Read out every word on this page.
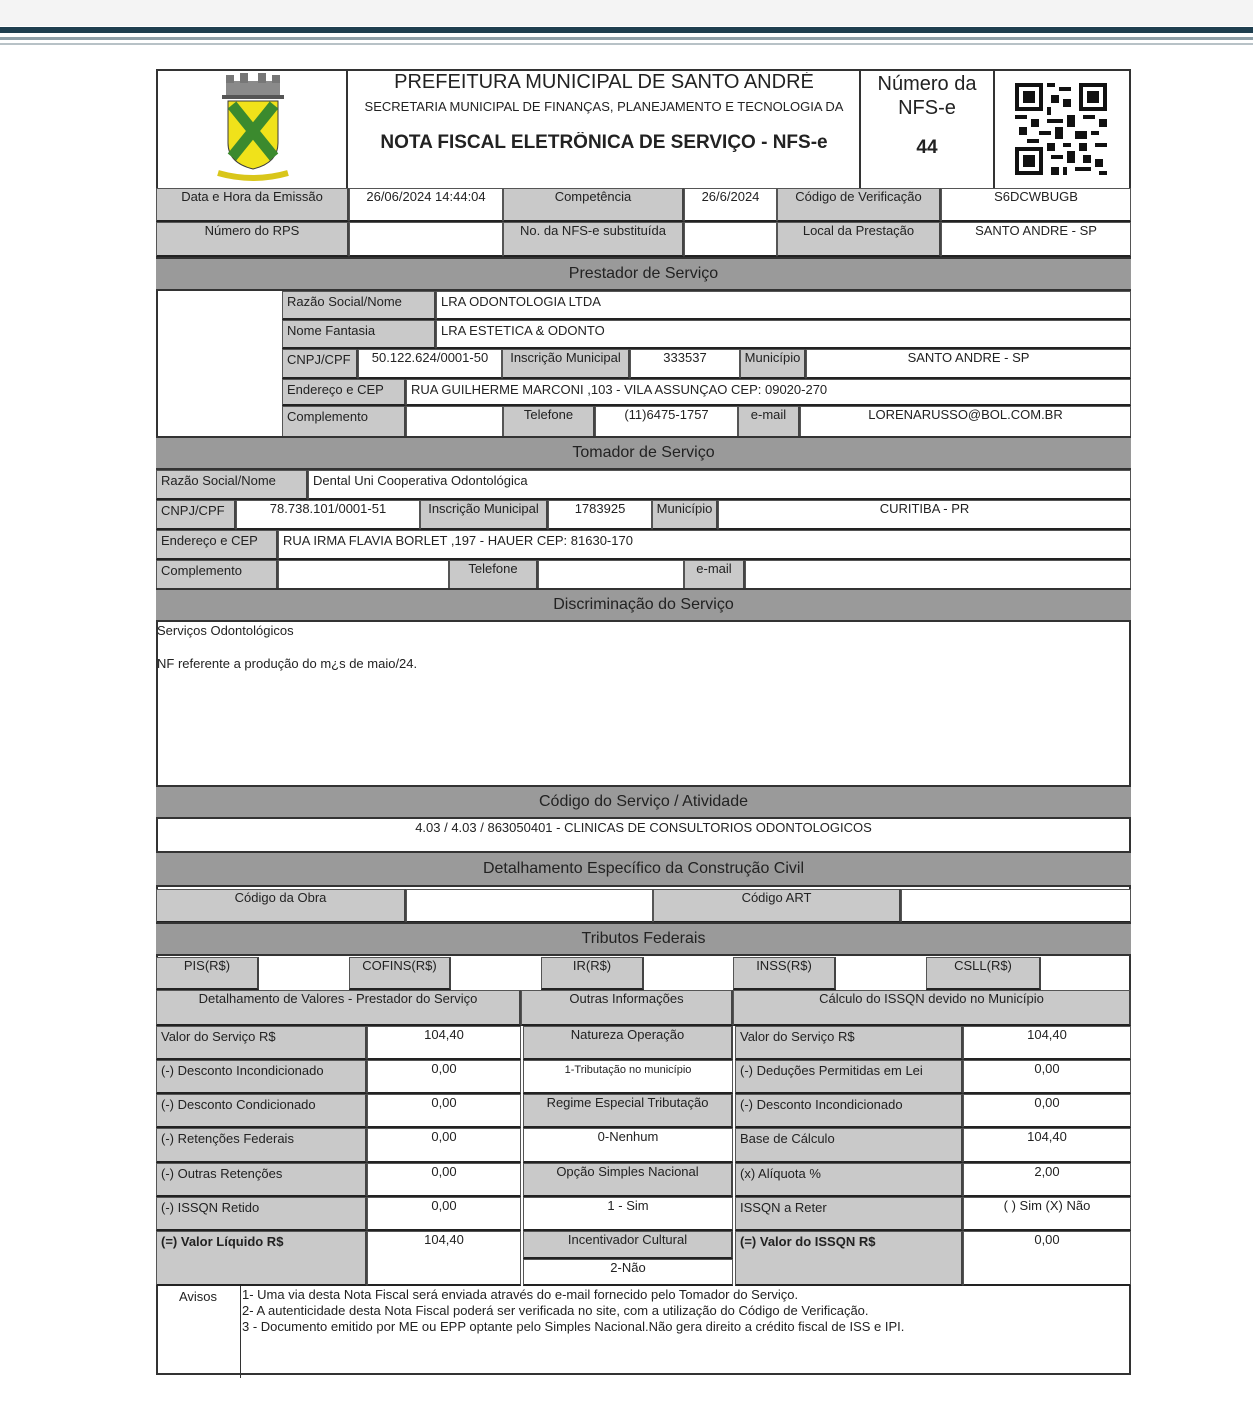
PREFEITURA MUNICIPAL DE SANTO ANDRÉ
SECRETARIA MUNICIPAL DE FINANÇAS, PLANEJAMENTO E TECNOLOGIA DA
NOTA FISCAL ELETRÔNICA DE SERVIÇO - NFS-e
Número da
NFS-e
44
Data e Hora da Emissão	26/06/2024 14:44:04	Competência	26/6/2024	Código de Verificação	S6DCWBUGB
Número do RPS	No. da NFS-e substituída	Local da Prestação	SANTO ANDRE - SP
Prestador de Serviço
Razão Social/Nome	LRA ODONTOLOGIA LTDA
Nome Fantasia	LRA ESTETICA & ODONTO
CNPJ/CPF	50.122.624/0001-50	Inscrição Municipal	333537	Município	SANTO ANDRE - SP
Endereço e CEP	RUA GUILHERME MARCONI ,103 - VILA ASSUNÇAO CEP: 09020-270
Complemento	Telefone	(11)6475-1757	e-mail	LORENARUSSO@BOL.COM.BR
Tomador de Serviço
Razão Social/Nome	Dental Uni Cooperativa Odontológica
CNPJ/CPF	78.738.101/0001-51	Inscrição Municipal	1783925	Município	CURITIBA - PR
Endereço e CEP	RUA IRMA FLAVIA BORLET ,197 - HAUER CEP: 81630-170
Complemento	Telefone	e-mail
Discriminação do Serviço
Serviços Odontológicos
NF referente a produção do m¿s de maio/24.
Código do Serviço / Atividade
4.03 / 4.03 / 863050401 - CLINICAS DE CONSULTORIOS ODONTOLOGICOS
Detalhamento Específico da Construção Civil
Código da Obra	Código ART
Tributos Federais
PIS(R$)	COFINS(R$)	IR(R$)	INSS(R$)	CSLL(R$)
Detalhamento de Valores - Prestador do Serviço	Outras Informações	Cálculo do ISSQN devido no Município
Valor do Serviço R$	104,40
(-) Desconto Incondicionado	0,00
(-) Desconto Condicionado	0,00
(-) Retenções Federais	0,00
(-) Outras Retenções	0,00
(-) ISSQN Retido	0,00
(=) Valor Líquido R$	104,40
Natureza Operação
1-Tributação no município
Regime Especial Tributação
0-Nenhum
Opção Simples Nacional
1 - Sim
Incentivador Cultural
2-Não
Valor do Serviço R$	104,40
(-) Deduções Permitidas em Lei	0,00
(-) Desconto Incondicionado	0,00
Base de Cálculo	104,40
(x) Alíquota %	2,00
ISSQN a Reter	( ) Sim (X) Não
(=) Valor do ISSQN R$	0,00
Avisos	1- Uma via desta Nota Fiscal será enviada através do e-mail fornecido pelo Tomador do Serviço.
2- A autenticidade desta Nota Fiscal poderá ser verificada no site, com a utilização do Código de Verificação.
3 - Documento emitido por ME ou EPP optante pelo Simples Nacional.Não gera direito a crédito fiscal de ISS e IPI.
